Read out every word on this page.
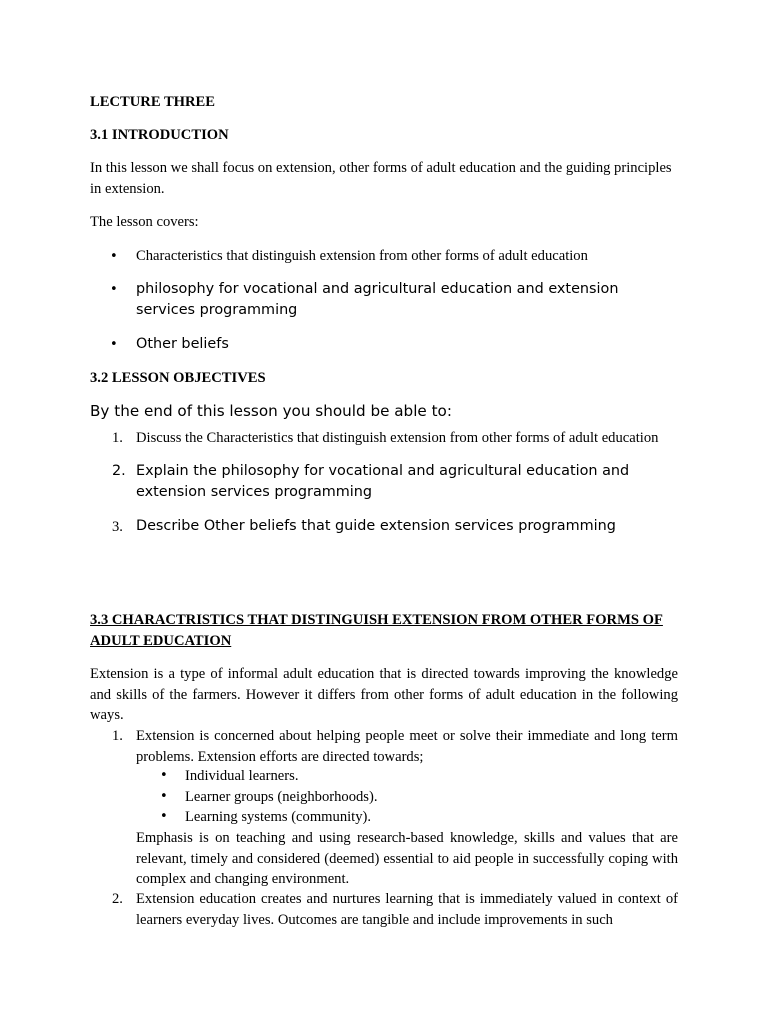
LECTURE THREE

3.1 INTRODUCTION

In this lesson we shall focus on extension, other forms of adult education and the guiding principles in extension.

The lesson covers:

• Characteristics that distinguish extension from other forms of adult education
• philosophy for vocational and agricultural education and extension services programming
• Other beliefs

3.2 LESSON OBJECTIVES

By the end of this lesson you should be able to:

1. Discuss the Characteristics that distinguish extension from other forms of adult education
2. Explain the philosophy for vocational and agricultural education and extension services programming
3. Describe Other beliefs that guide extension services programming

3.3 CHARACTRISTICS THAT DISTINGUISH EXTENSION FROM OTHER FORMS OF ADULT EDUCATION

Extension is a type of informal adult education that is directed towards improving the knowledge and skills of the farmers. However it differs from other forms of adult education in the following ways.

1. Extension is concerned about helping people meet or solve their immediate and long term problems. Extension efforts are directed towards;
• Individual learners.
• Learner groups (neighborhoods).
• Learning systems (community).
Emphasis is on teaching and using research-based knowledge, skills and values that are relevant, timely and considered (deemed) essential to aid people in successfully coping with complex and changing environment.
2. Extension education creates and nurtures learning that is immediately valued in context of learners everyday lives. Outcomes are tangible and include improvements in such
